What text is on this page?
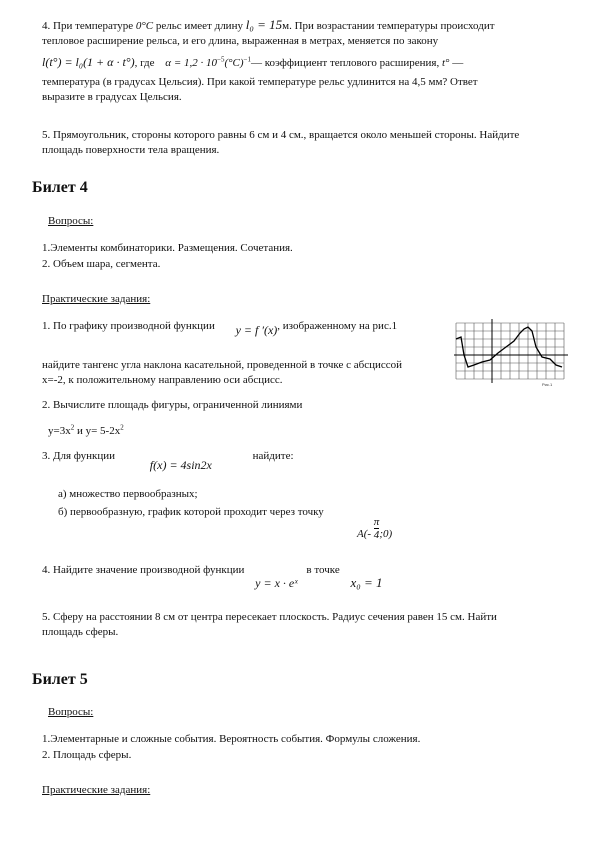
4. При температуре 0°С рельс имеет длину l₀ = 15м. При возрастании температуры происходит
тепловое расширение рельса, и его длина, выраженная в метрах, меняется по закону
l(t°) = l₀(1 + α · t°), где $\alpha = 1,2 \cdot 10^{-5}(^\circ С)^{-1}—$ коэффициент теплового расширения, t° —
температура (в градусах Цельсия). При какой температуре рельс удлинится на 4,5 мм? Ответ
выразите в градусах Цельсия.
5. Прямоугольник, стороны которого равны 6 см и 4 см., вращается около меньшей стороны. Найдите
площадь поверхности тела вращения.
Билет 4
Вопросы:
1.Элементы комбинаторики. Размещения. Сочетания.
2. Объем шара, сегмента.
Практические задания:
1. По графику производной функции y = f ′(x), изображенному на рис.1
найдите тангенс угла наклона касательной, проведенной в точке с абсциссой
x=-2, к положительному направлению оси абсцисс.	Рис.1
2. Вычислите площадь фигуры, ограниченной линиями
$y=3x^2$ и $y= 5-2x^2$
3. Для функции f(x) = 4sin2x найдите:
а) множество первообразных;
б) первообразную, график которой проходит через точку
$A(- \frac{\pi}{4}$ ;0)
4. Найдите значение производной функции y = x · eˣ в точке x₀ = 1
5. Сферу на расстоянии 8 см от центра пересекает плоскость. Радиус сечения равен 15 см. Найти
площадь сферы.
Билет 5
Вопросы:
1.Элементарные и сложные события. Вероятность события. Формулы сложения.
2. Площадь сферы.
Практические задания:
